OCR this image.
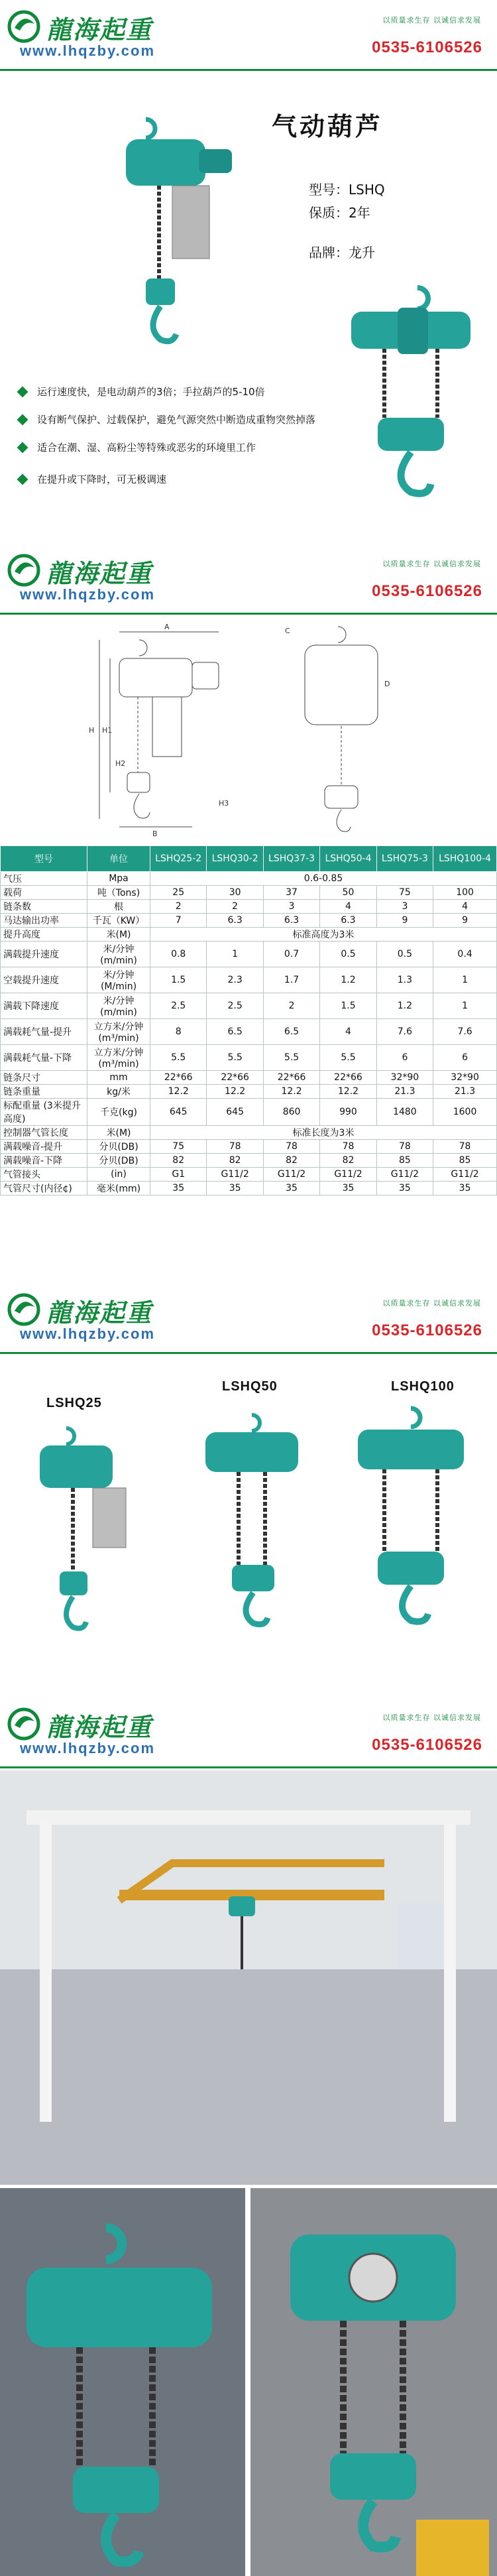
龍海起重
www.lhqzby.com
以质量求生存 以诚信求发展
0535-6106526
气动葫芦
型号：LSHQ
保质：2年
品牌：龙升
运行速度快，是电动葫芦的3倍；手拉葫芦的5-10倍
设有断气保护、过载保护，避免气源突然中断造成重物突然掉落
适合在潮、湿、高粉尘等特殊或恶劣的环境里工作
在提升或下降时，可无极调速
龍海起重
www.lhqzby.com
以质量求生存 以诚信求发展
0535-6106526
H H1
H2
H3
A
B
C
D
型号	单位	LSHQ25-2	LSHQ30-2	LSHQ37-3	LSHQ50-4	LSHQ75-3	LSHQ100-4
气压	Mpa	0.6-0.85					
载荷	吨（Tons)	25	30	37	50	75	100
链条数	根	2	2	3	4	3	4
马达输出功率	千瓦（KW）	7	6.3	6.3	6.3	9	9
提升高度	米(M)	标准高度为3米					
满载提升速度	米/分钟 (m/min)	0.8	1	0.7	0.5	0.5	0.4
空载提升速度	米/分钟 (M/min)	1.5	2.3	1.7	1.2	1.3	1
满载下降速度	米/分钟 (m/min)	2.5	2.5	2	1.5	1.2	1
满载耗气量-提升	立方米/分钟 (m³/min)	8	6.5	6.5	4	7.6	7.6
满载耗气量-下降	立方米/分钟 (m³/min)	5.5	5.5	5.5	5.5	6	6
链条尺寸	mm	22*66	22*66	22*66	22*66	32*90	32*90
链条重量	kg/米	12.2	12.2	12.2	12.2	21.3	21.3
标配重量 (3米提升高度)	千克(kg)	645	645	860	990	1480	1600
控制器气管长度	米(M)	标准长度为3米					
满载噪音-提升	分贝(DB)	75	78	78	78	78	78
满载噪音-下降	分贝(DB)	82	82	82	82	85	85
气管接头	(in)	G1	G11/2	G11/2	G11/2	G11/2	G11/2
气管尺寸(内径¢)	毫米(mm)	35	35	35	35	35	35
龍海起重
www.lhqzby.com
以质量求生存 以诚信求发展
0535-6106526
LSHQ25
LSHQ50	LSHQ100
龍海起重
www.lhqzby.com
以质量求生存 以诚信求发展
0535-6106526
